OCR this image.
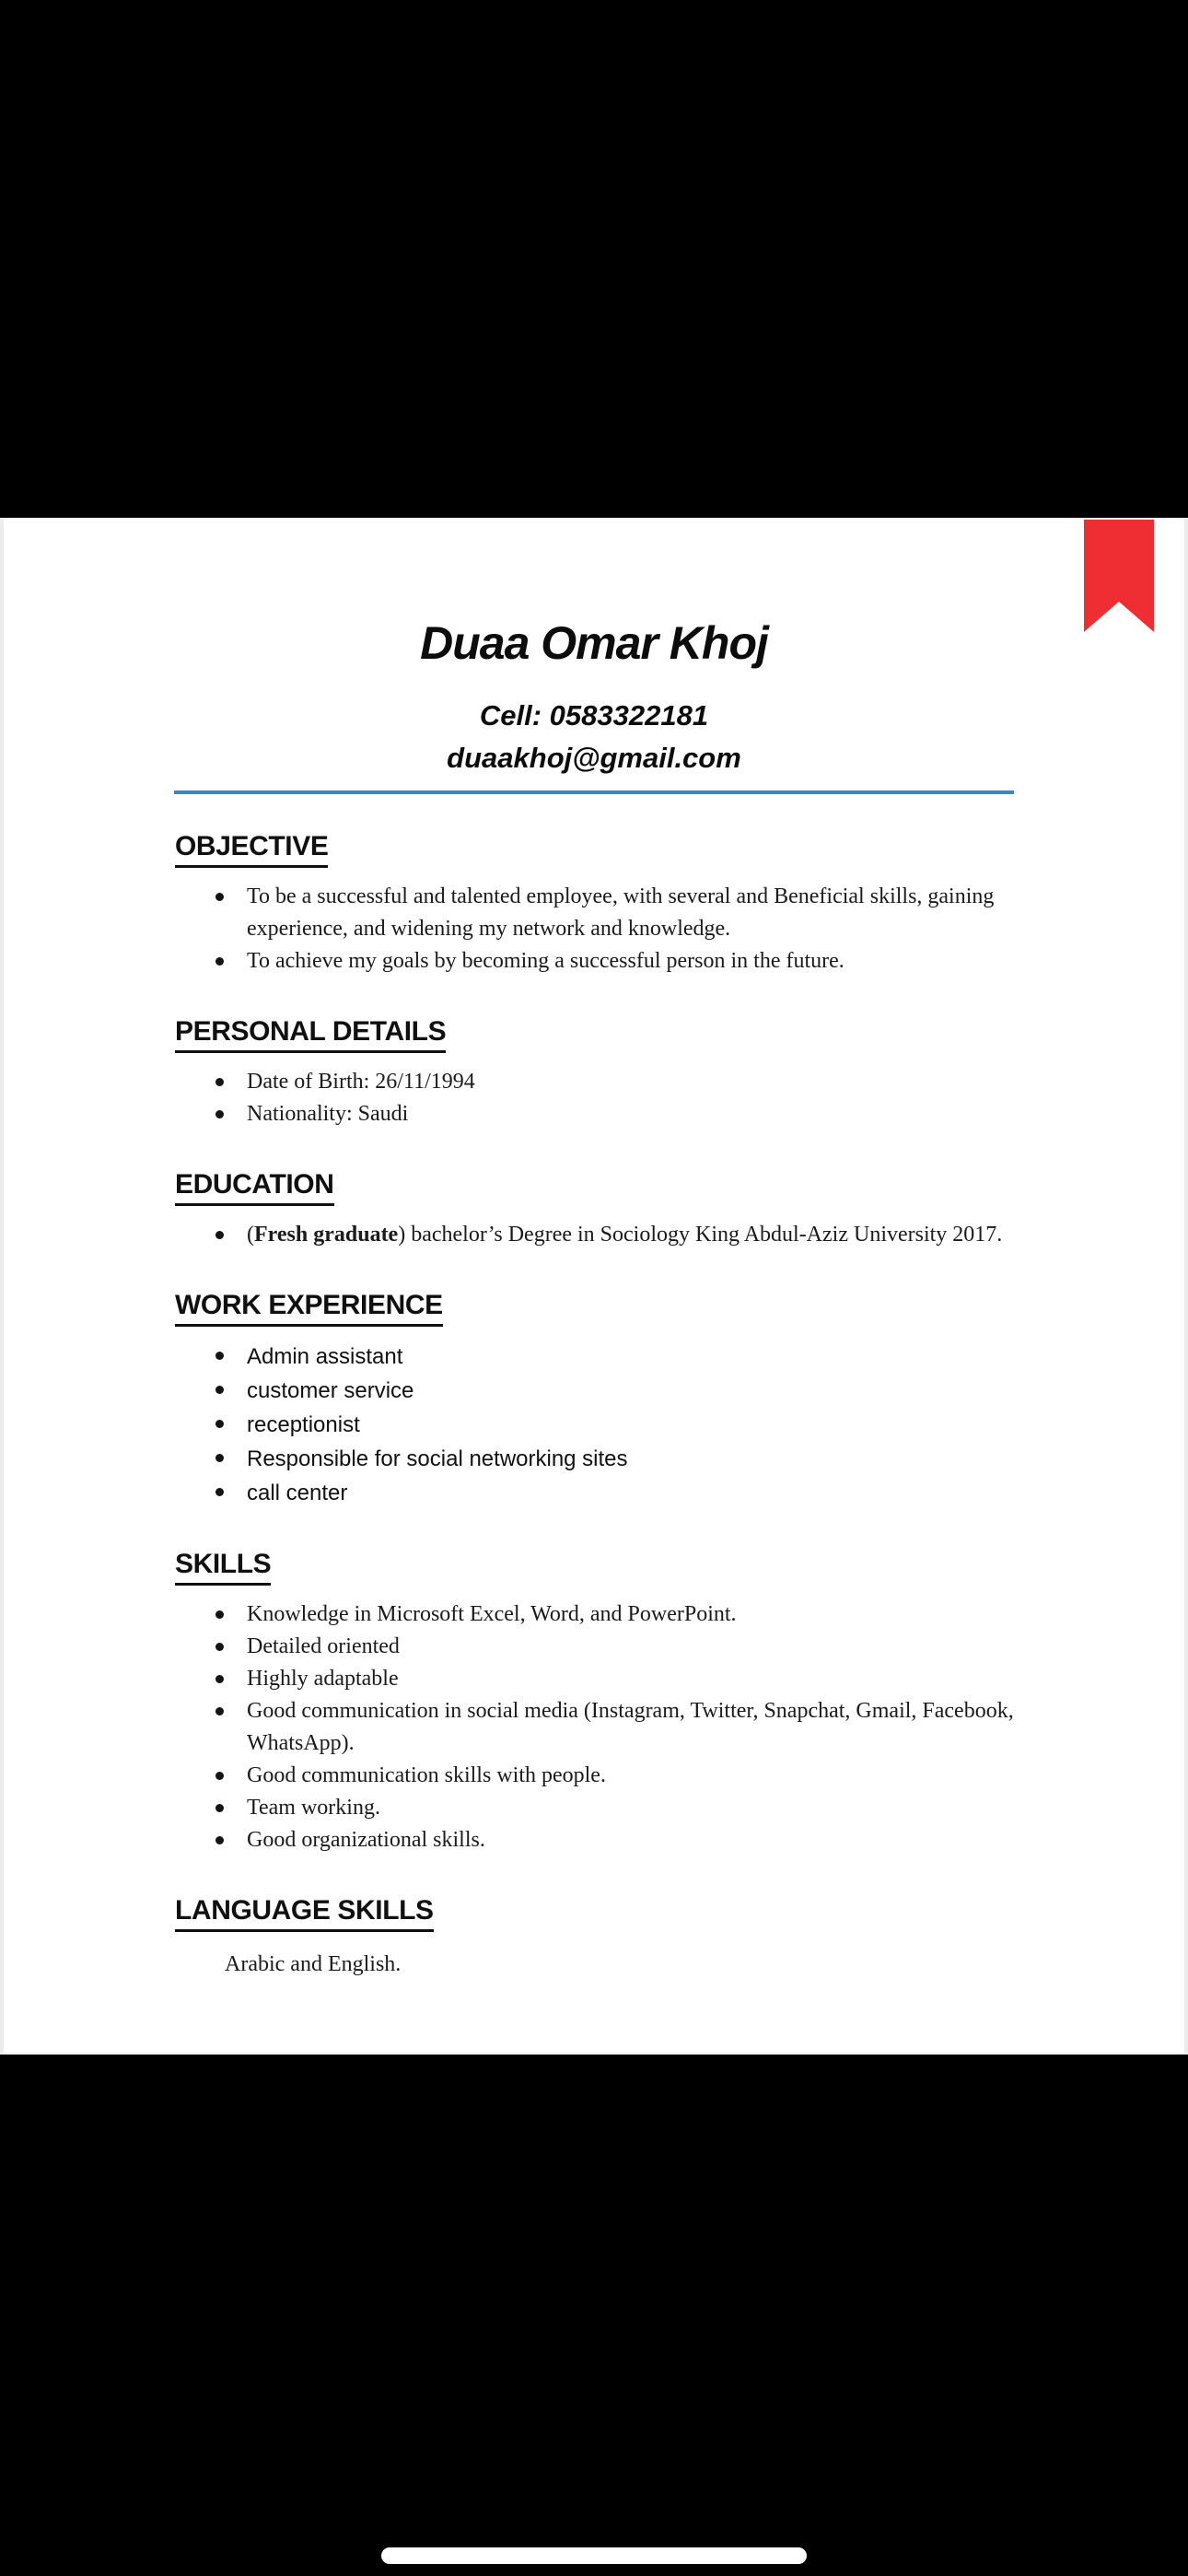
Duaa Omar Khoj
Cell: 0583322181
duaakhoj@gmail.com
OBJECTIVE
To be a successful and talented employee, with several and Beneficial skills, gaining experience, and widening my network and knowledge.
To achieve my goals by becoming a successful person in the future.
PERSONAL DETAILS
Date of Birth: 26/11/1994
Nationality: Saudi
EDUCATION
(Fresh graduate) bachelor’s Degree in Sociology King Abdul-Aziz University 2017.
WORK EXPERIENCE
Admin assistant
customer service
receptionist
Responsible for social networking sites
call center
SKILLS
Knowledge in Microsoft Excel, Word, and PowerPoint.
Detailed oriented
Highly adaptable
Good communication in social media (Instagram, Twitter, Snapchat, Gmail, Facebook, WhatsApp).
Good communication skills with people.
Team working.
Good organizational skills.
LANGUAGE SKILLS

Arabic and English.
